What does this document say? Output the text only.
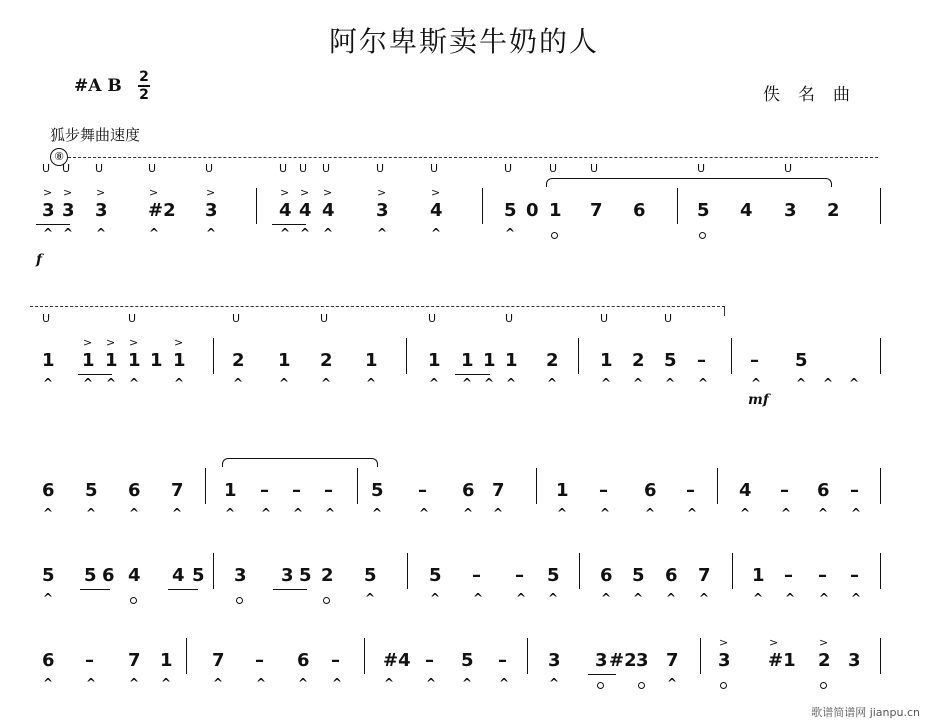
阿尔卑斯卖牛奶的人
#A B 2
2	佚名曲
狐步舞曲速度
⑧
3 3 3 #2 3	4 4 4 3 4	5 0 1 7 6	5 4 3 2
ᑌ ᑌ ᑌ	ᑌ	ᑌ	ᑌ ᑌ ᑌ	ᑌ	ᑌ	ᑌ	ᑌ	ᑌ	ᑌ	ᑌ
> > >	>	>	> > >	>	>
^ ^ ^	^	^	^ ^ ^	^	^	^
f
1 1 1 1 1 1	2 1 2 1	1 1 1 1 2 1 2 5 – – 5
ᑌ	ᑌ	ᑌ	ᑌ	ᑌ	ᑌ	ᑌ	ᑌ
> > >	>
^ ^ ^ ^	^	^	^	^	^	^ ^ ^ ^	^	^ ^ ^ ^	^	^ ^ ^
mf
6 5 6 7 1 – – – 5 – 6 7	1 – 6 – 4 – 6 –
^	^	^	^	^ ^ ^ ^	^	^	^ ^	^	^	^	^	^	^ ^ ^
5 5 6 4 4 5 3 3 5 2 5	5 – – 5 6 5 6 7 1 – – –
^	^	^	^	^ ^	^ ^ ^ ^	^ ^ ^ ^
6 – 7 1 7 – 6 – #4 – 5 – 3 3 #2 3 7 3 #1 2 3
>	>	>
^	^	^ ^	^	^	^ ^	^	^ ^ ^	^	^
歌谱简谱网 jianpu.cn
